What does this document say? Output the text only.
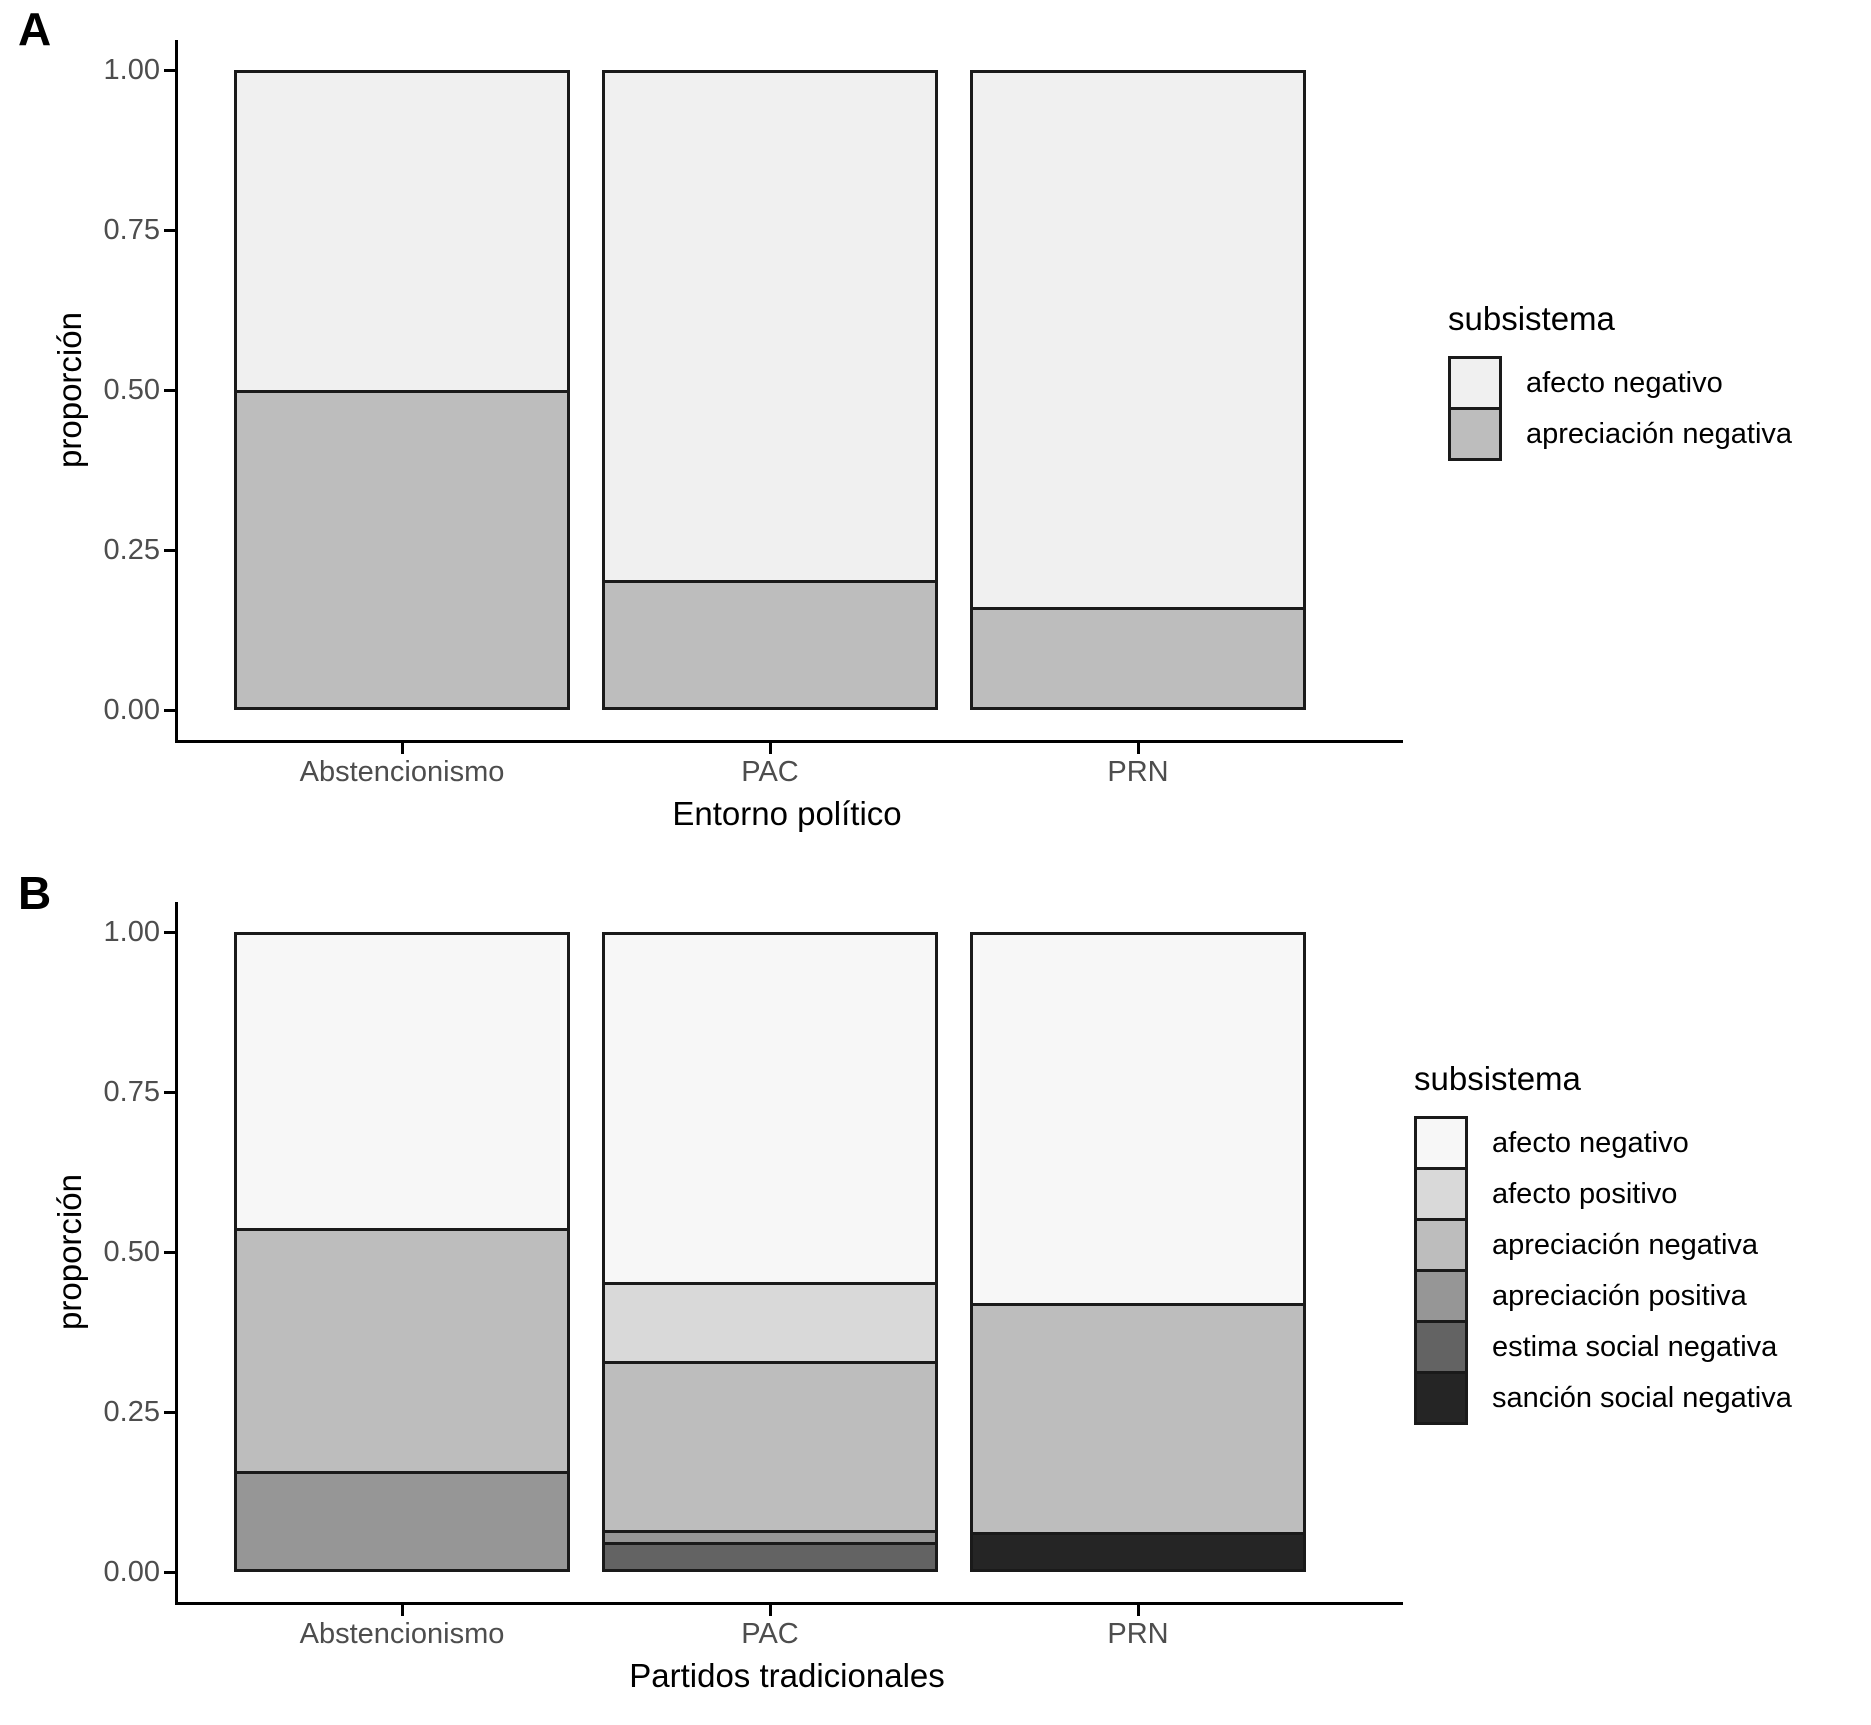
A
0.00
0.25
0.50
0.75
1.00
Abstencionismo	PAC	PRN
proporción
Entorno político
subsistema
afecto negativo
apreciación negativa
B
0.00
0.25
0.50
0.75
1.00
Abstencionismo	PAC	PRN
proporción
Partidos tradicionales
subsistema
afecto negativo
afecto positivo
apreciación negativa
apreciación positiva
estima social negativa
sanción social negativa
